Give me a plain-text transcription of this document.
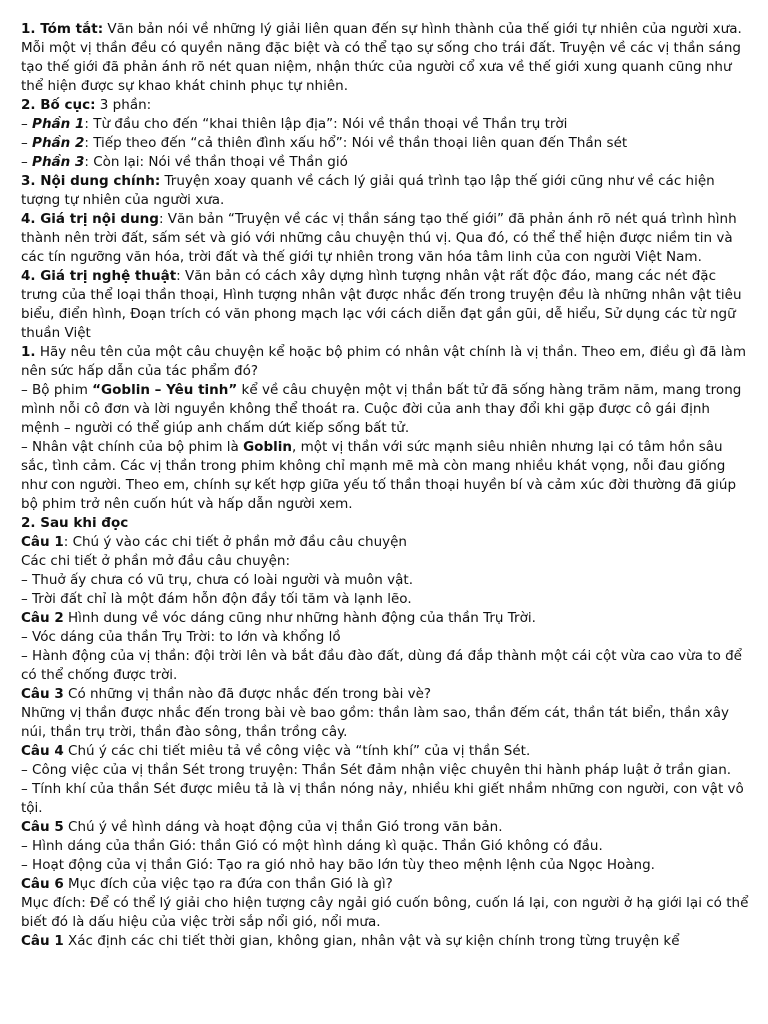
1. Tóm tắt: Văn bản nói về những lý giải liên quan đến sự hình thành của thế giới tự nhiên của người xưa. Mỗi một vị thần đều có quyền năng đặc biệt và có thể tạo sự sống cho trái đất. Truyện về các vị thần sáng tạo thế giới đã phản ánh rõ nét quan niệm, nhận thức của người cổ xưa về thế giới xung quanh cũng như thể hiện được sự khao khát chinh phục tự nhiên.

2. Bố cục: 3 phần:

– Phần 1: Từ đầu cho đến “khai thiên lập địa”: Nói về thần thoại về Thần trụ trời

– Phần 2: Tiếp theo đến “cả thiên đình xấu hổ”: Nói về thần thoại liên quan đến Thần sét

– Phần 3: Còn lại: Nói về thần thoại về Thần gió

3. Nội dung chính: Truyện xoay quanh về cách lý giải quá trình tạo lập thế giới cũng như về các hiện tượng tự nhiên của người xưa.

4. Giá trị nội dung: Văn bản “Truyện về các vị thần sáng tạo thế giới” đã phản ánh rõ nét quá trình hình thành nên trời đất, sấm sét và gió với những câu chuyện thú vị. Qua đó, có thể thể hiện được niềm tin và các tín ngưỡng văn hóa, trời đất và thế giới tự nhiên trong văn hóa tâm linh của con người Việt Nam.

4. Giá trị nghệ thuật: Văn bản có cách xây dựng hình tượng nhân vật rất độc đáo, mang các nét đặc trưng của thể loại thần thoại, Hình tượng nhân vật được nhắc đến trong truyện đều là những nhân vật tiêu biểu, điển hình, Đoạn trích có văn phong mạch lạc với cách diễn đạt gần gũi, dễ hiểu, Sử dụng các từ ngữ thuần Việt

1. Hãy nêu tên của một câu chuyện kể hoặc bộ phim có nhân vật chính là vị thần. Theo em, điều gì đã làm nên sức hấp dẫn của tác phẩm đó?

– Bộ phim “Goblin – Yêu tinh” kể về câu chuyện một vị thần bất tử đã sống hàng trăm năm, mang trong mình nỗi cô đơn và lời nguyền không thể thoát ra. Cuộc đời của anh thay đổi khi gặp được cô gái định mệnh – người có thể giúp anh chấm dứt kiếp sống bất tử.

– Nhân vật chính của bộ phim là Goblin, một vị thần với sức mạnh siêu nhiên nhưng lại có tâm hồn sâu sắc, tình cảm. Các vị thần trong phim không chỉ mạnh mẽ mà còn mang nhiều khát vọng, nỗi đau giống như con người. Theo em, chính sự kết hợp giữa yếu tố thần thoại huyền bí và cảm xúc đời thường đã giúp bộ phim trở nên cuốn hút và hấp dẫn người xem.

2. Sau khi đọc

Câu 1: Chú ý vào các chi tiết ở phần mở đầu câu chuyện

Các chi tiết ở phần mở đầu câu chuyện:

– Thuở ấy chưa có vũ trụ, chưa có loài người và muôn vật.

– Trời đất chỉ là một đám hỗn độn đầy tối tăm và lạnh lẽo.

Câu 2 Hình dung về vóc dáng cũng như những hành động của thần Trụ Trời.

– Vóc dáng của thần Trụ Trời: to lớn và khổng lồ

– Hành động của vị thần: đội trời lên và bắt đầu đào đất, dùng đá đắp thành một cái cột vừa cao vừa to để có thể chống được trời.

Câu 3 Có những vị thần nào đã được nhắc đến trong bài vè?

Những vị thần được nhắc đến trong bài vè bao gồm: thần làm sao, thần đếm cát, thần tát biển, thần xây núi, thần trụ trời, thần đào sông, thần trồng cây.

Câu 4 Chú ý các chi tiết miêu tả về công việc và “tính khí” của vị thần Sét.

– Công việc của vị thần Sét trong truyện: Thần Sét đảm nhận việc chuyên thi hành pháp luật ở trần gian.

– Tính khí của thần Sét được miêu tả là vị thần nóng nảy, nhiều khi giết nhầm những con người, con vật vô tội.

Câu 5 Chú ý về hình dáng và hoạt động của vị thần Gió trong văn bản.

– Hình dáng của thần Gió: thần Gió có một hình dáng kì quặc. Thần Gió không có đầu.

– Hoạt động của vị thần Gió: Tạo ra gió nhỏ hay bão lớn tùy theo mệnh lệnh của Ngọc Hoàng.

Câu 6 Mục đích của việc tạo ra đứa con thần Gió là gì?

Mục đích: Để có thể lý giải cho hiện tượng cây ngải gió cuốn bông, cuốn lá lại, con người ở hạ giới lại có thể biết đó là dấu hiệu của việc trời sắp nổi gió, nổi mưa.

Câu 1 Xác định các chi tiết thời gian, không gian, nhân vật và sự kiện chính trong từng truyện kể
